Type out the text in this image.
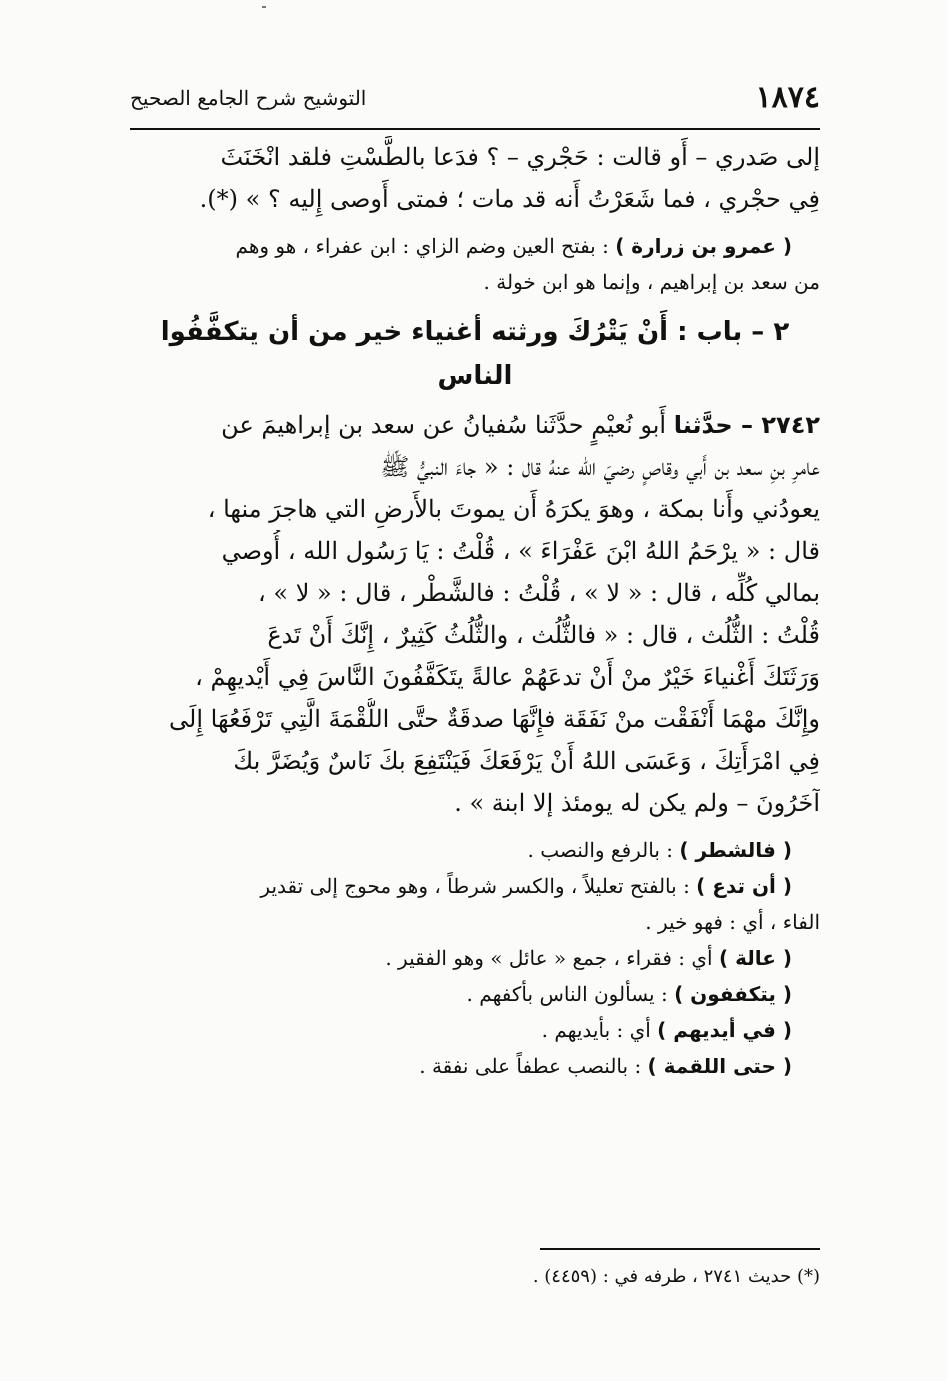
١٨٧٤
التوشيح شرح الجامع الصحيح
إلى صَدري – أَو قالت : حَجْري – ؟ فدَعا بالطَّسْتِ فلقد انْخَنَثَ
فِي حجْري ، فما شَعَرْتُ أَنه قد مات ؛ فمتى أَوصى إِليه ؟ » (*).
( عمرو بن زرارة ) : بفتح العين وضم الزاي : ابن عفراء ، هو وهم
من سعد بن إبراهيم ، وإنما هو ابن خولة .
٢ – باب : أَنْ يَتْرُكَ ورثته أغنياء خير من أن يتكفَّفُوا الناس
٢٧٤٢ – حدَّثنا أَبو نُعيْمٍ حدَّثَنا سُفيانُ عن سعد بن إبراهيمَ عن
عامرِ بنِ سعد بن أَبي وقاصٍ رضيَ الله عنهُ قال : « جاءَ النبيُّ ﷺ
يعودُني وأَنا بمكة ، وهوَ يكرَهُ أَن يموتَ بالأَرضِ التي هاجرَ منها ،
قال : « يرْحَمُ اللهُ ابْنَ عَفْرَاءَ » ، قُلْتُ : يَا رَسُول الله ، أُوصي
بمالي كُلِّه ، قال : « لا » ، قُلْتُ : فالشَّطْر ، قال : « لا » ،
قُلْتُ : الثُّلُث ، قال : « فالثُّلُث ، والثُّلُثُ كَثِيرٌ ، إِنَّكَ أَنْ تَدعَ
وَرَثَتَكَ أَغْنياءَ خَيْرٌ منْ أَنْ تدعَهُمْ عالةً يتَكَفَّفُونَ النَّاسَ فِي أَيْديهِمْ ،
وإِنَّكَ مهْمَا أَنْفَقْت منْ نَفَقَة فإِنَّهَا صدقَةٌ حتَّى اللُّقْمَةَ الَّتِي تَرْفَعُهَا إِلَى
فِي امْرَأَتِكَ ، وَعَسَى اللهُ أَنْ يَرْفَعَكَ فَيَنْتَفِعَ بكَ نَاسٌ وَيُضَرَّ بكَ
آخَرُونَ – ولم يكن له يومئذ إلا ابنة » .
( فالشطر ) : بالرفع والنصب .
( أن تدع ) : بالفتح تعليلاً ، والكسر شرطاً ، وهو محوج إلى تقدير
الفاء ، أي : فهو خير .
( عالة ) أي : فقراء ، جمع « عائل » وهو الفقير .
( يتكففون ) : يسألون الناس بأكفهم .
( في أيديهم ) أي : بأيديهم .
( حتى اللقمة ) : بالنصب عطفاً على نفقة .
(*) حديث ٢٧٤١ ، طرفه في : (٤٤٥٩) .
